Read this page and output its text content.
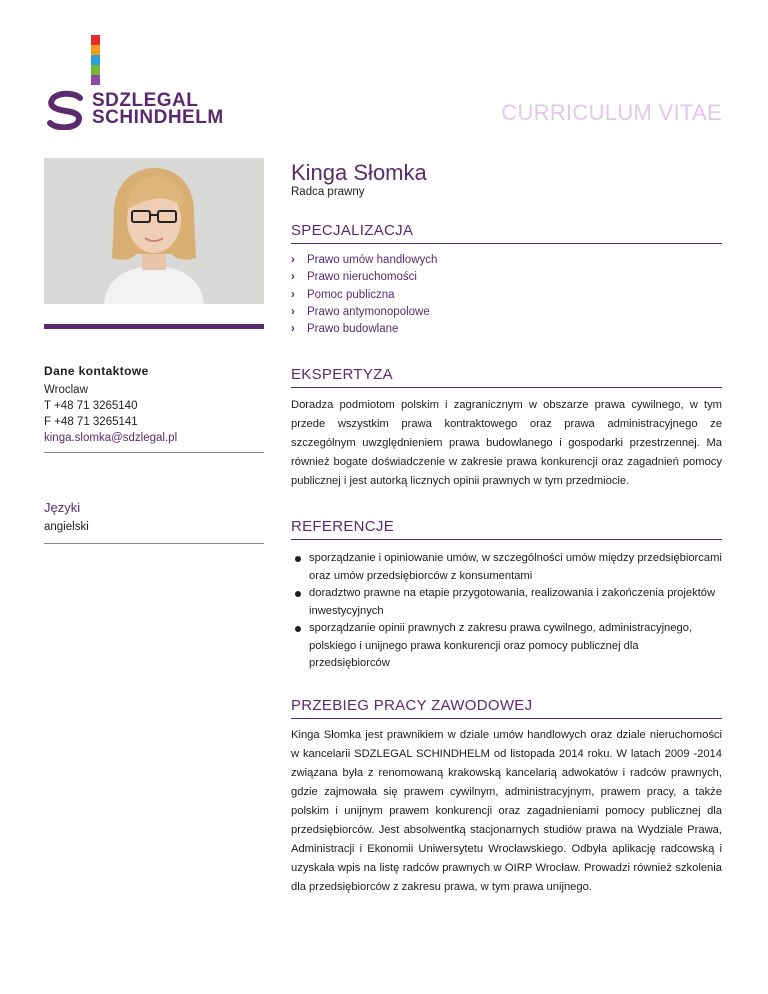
SDZLEGAL
SCHINDHELM	CURRICULUM VITAE
Dane kontaktowe
Wroclaw
T +48 71 3265140
F +48 71 3265141
kinga.slomka@sdzlegal.pl
Języki
angielski
Kinga Słomka
Radca prawny
SPECJALIZACJA
› Prawo umów handlowych
› Prawo nieruchomości
› Pomoc publiczna
› Prawo antymonopolowe
› Prawo budowlane
EKSPERTYZA
Doradza podmiotom polskim i zagranicznym w obszarze prawa cywilnego, w tym przede wszystkim prawa kontraktowego oraz prawa administracyjnego ze szczególnym uwzględnieniem prawa budowlanego i gospodarki przestrzennej. Ma również bogate doświadczenie w zakresie prawa konkurencji oraz zagadnień pomocy publicznej i jest autorką licznych opinii prawnych w tym przedmiocie.
REFERENCJE
sporządzanie i opiniowanie umów, w szczególności umów między przedsiębiorcami oraz umów przedsiębiorców z konsumentami
doradztwo prawne na etapie przygotowania, realizowania i zakończenia projektów inwestycyjnych
sporządzanie opinii prawnych z zakresu prawa cywilnego, administracyjnego, polskiego i unijnego prawa konkurencji oraz pomocy publicznej dla przedsiębiorców
PRZEBIEG PRACY ZAWODOWEJ
Kinga Słomka jest prawnikiem w dziale umów handlowych oraz dziale nieruchomości w kancelarii SDZLEGAL SCHINDHELM od listopada 2014 roku. W latach 2009 -2014 związana była z renomowaną krakowską kancelarią adwokatów i radców prawnych, gdzie zajmowała się prawem cywilnym, administracyjnym, prawem pracy, a także polskim i unijnym prawem konkurencji oraz zagadnieniami pomocy publicznej dla przedsiębiorców. Jest absolwentką stacjonarnych studiów prawa na Wydziale Prawa, Administracji i Ekonomii Uniwersytetu Wrocławskiego. Odbyła aplikację radcowską i uzyskała wpis na listę radców prawnych w OIRP Wrocław. Prowadzi również szkolenia dla przedsiębiorców z zakresu prawa, w tym prawa unijnego.
